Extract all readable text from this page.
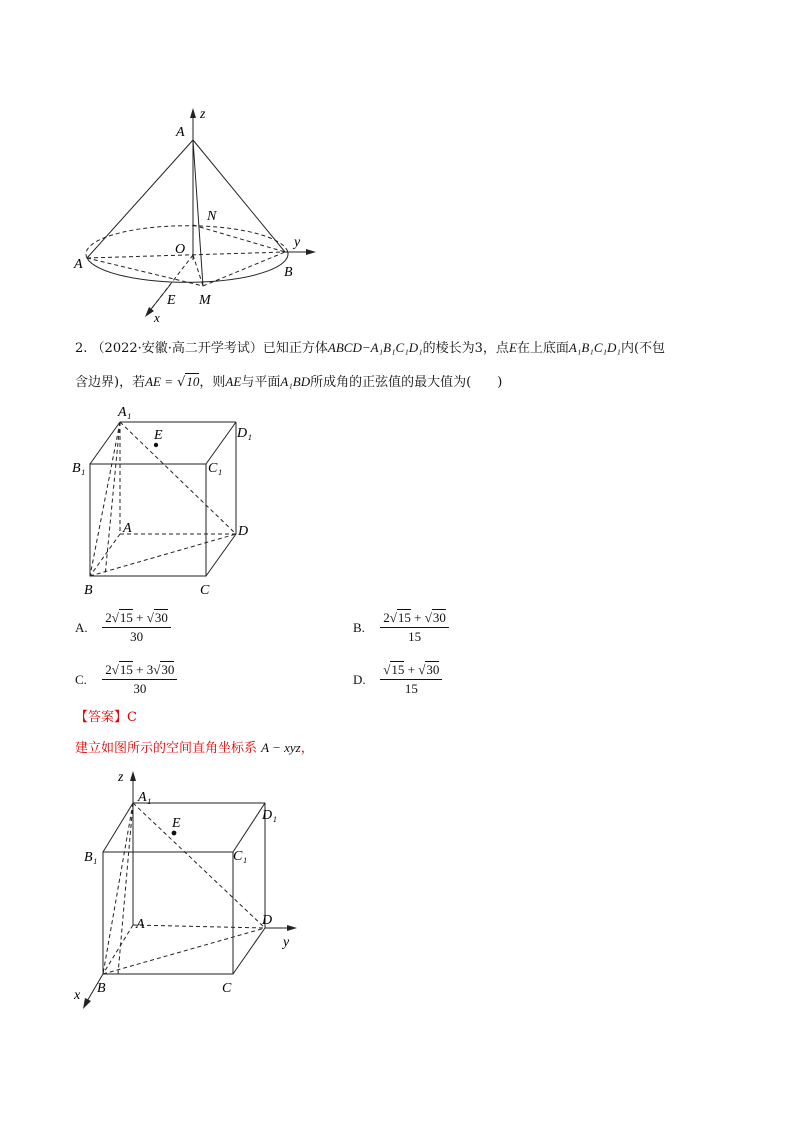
z
A
N
O	y
A
B
E M
x
2. （2022·安徽·高二开学考试）已知正方体ABCD−A₁B₁C₁D₁的棱长为3，点E在上底面A₁B₁C₁D₁内(不包
含边界)，若AE = √10，则AE与平面A₁BD所成角的正弦值的最大值为(　　)
A₁
E	D₁
B₁	C₁
A	D
B	C
A. $\frac{2√15 + √30}{30}$	B. $\frac{2√15 + √30}{15}$
C. $\frac{2√15 + 3√30}{30}$	D. $\frac{√15 + √30}{15}$
【答案】C
建立如图所示的空间直角坐标系 A − xyz，
z
A₁
E
D₁
B₁	C₁
A	D
y
x B	C
